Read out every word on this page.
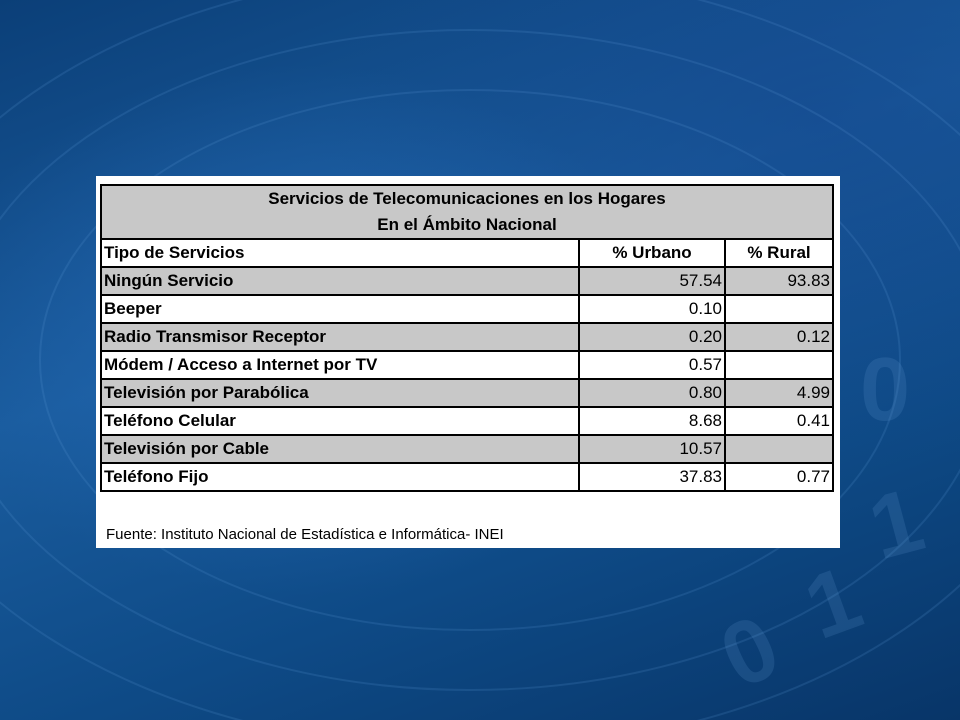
0
1
1
0
Servicios de Telecomunicaciones en los Hogares		
En el Ámbito Nacional		
Tipo de Servicios	% Urbano	% Rural
Ningún Servicio	57.54	93.83
Beeper	0.10	
Radio Transmisor Receptor	0.20	0.12
Módem / Acceso a Internet por TV	0.57	
Televisión por Parabólica	0.80	4.99
Teléfono Celular	8.68	0.41
Televisión por Cable	10.57	
Teléfono Fijo	37.83	0.77
Fuente: Instituto Nacional de Estadística e Informática- INEI
